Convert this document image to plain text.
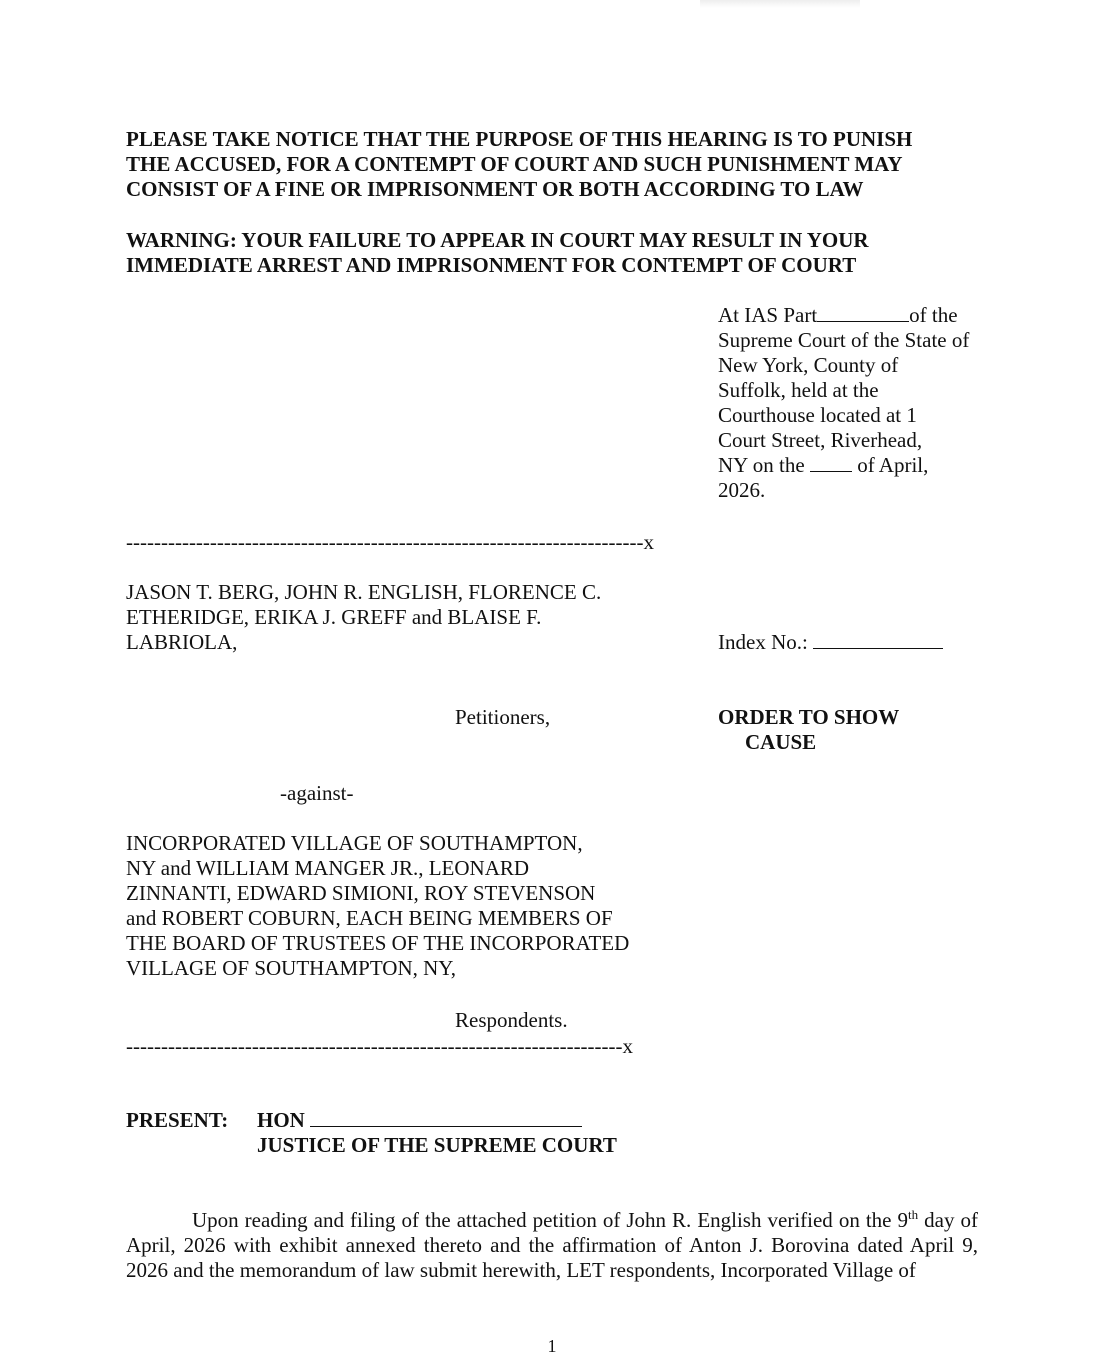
PLEASE TAKE NOTICE THAT THE PURPOSE OF THIS HEARING IS TO PUNISH
THE ACCUSED, FOR A CONTEMPT OF COURT AND SUCH PUNISHMENT MAY
CONSIST OF A FINE OR IMPRISONMENT OR BOTH ACCORDING TO LAW
WARNING: YOUR FAILURE TO APPEAR IN COURT MAY RESULT IN YOUR
IMMEDIATE ARREST AND IMPRISONMENT FOR CONTEMPT OF COURT
At IAS Part	of the
Supreme Court of the State of
New York, County of
Suffolk, held at the
Courthouse located at 1
Court Street, Riverhead,
NY on the	of April,
2026.
--------------------------------------------------------------------------x
JASON T. BERG, JOHN R. ENGLISH, FLORENCE C.
ETHERIDGE, ERIKA J. GREFF and BLAISE F.
LABRIOLA,	Index No.:
Petitioners,	ORDER TO SHOW
CAUSE
-against-
INCORPORATED VILLAGE OF SOUTHAMPTON,
NY and WILLIAM MANGER JR., LEONARD
ZINNANTI, EDWARD SIMIONI, ROY STEVENSON
and ROBERT COBURN, EACH BEING MEMBERS OF
THE BOARD OF TRUSTEES OF THE INCORPORATED
VILLAGE OF SOUTHAMPTON, NY,
Respondents.
-----------------------------------------------------------------------x
PRESENT: HON
JUSTICE OF THE SUPREME COURT
Upon reading and filing of the attached petition of John R. English verified on the 9th day of April, 2026 with exhibit annexed thereto and the affirmation of Anton J. Borovina dated April 9, 2026 and the memorandum of law submit herewith, LET respondents, Incorporated Village of
1
